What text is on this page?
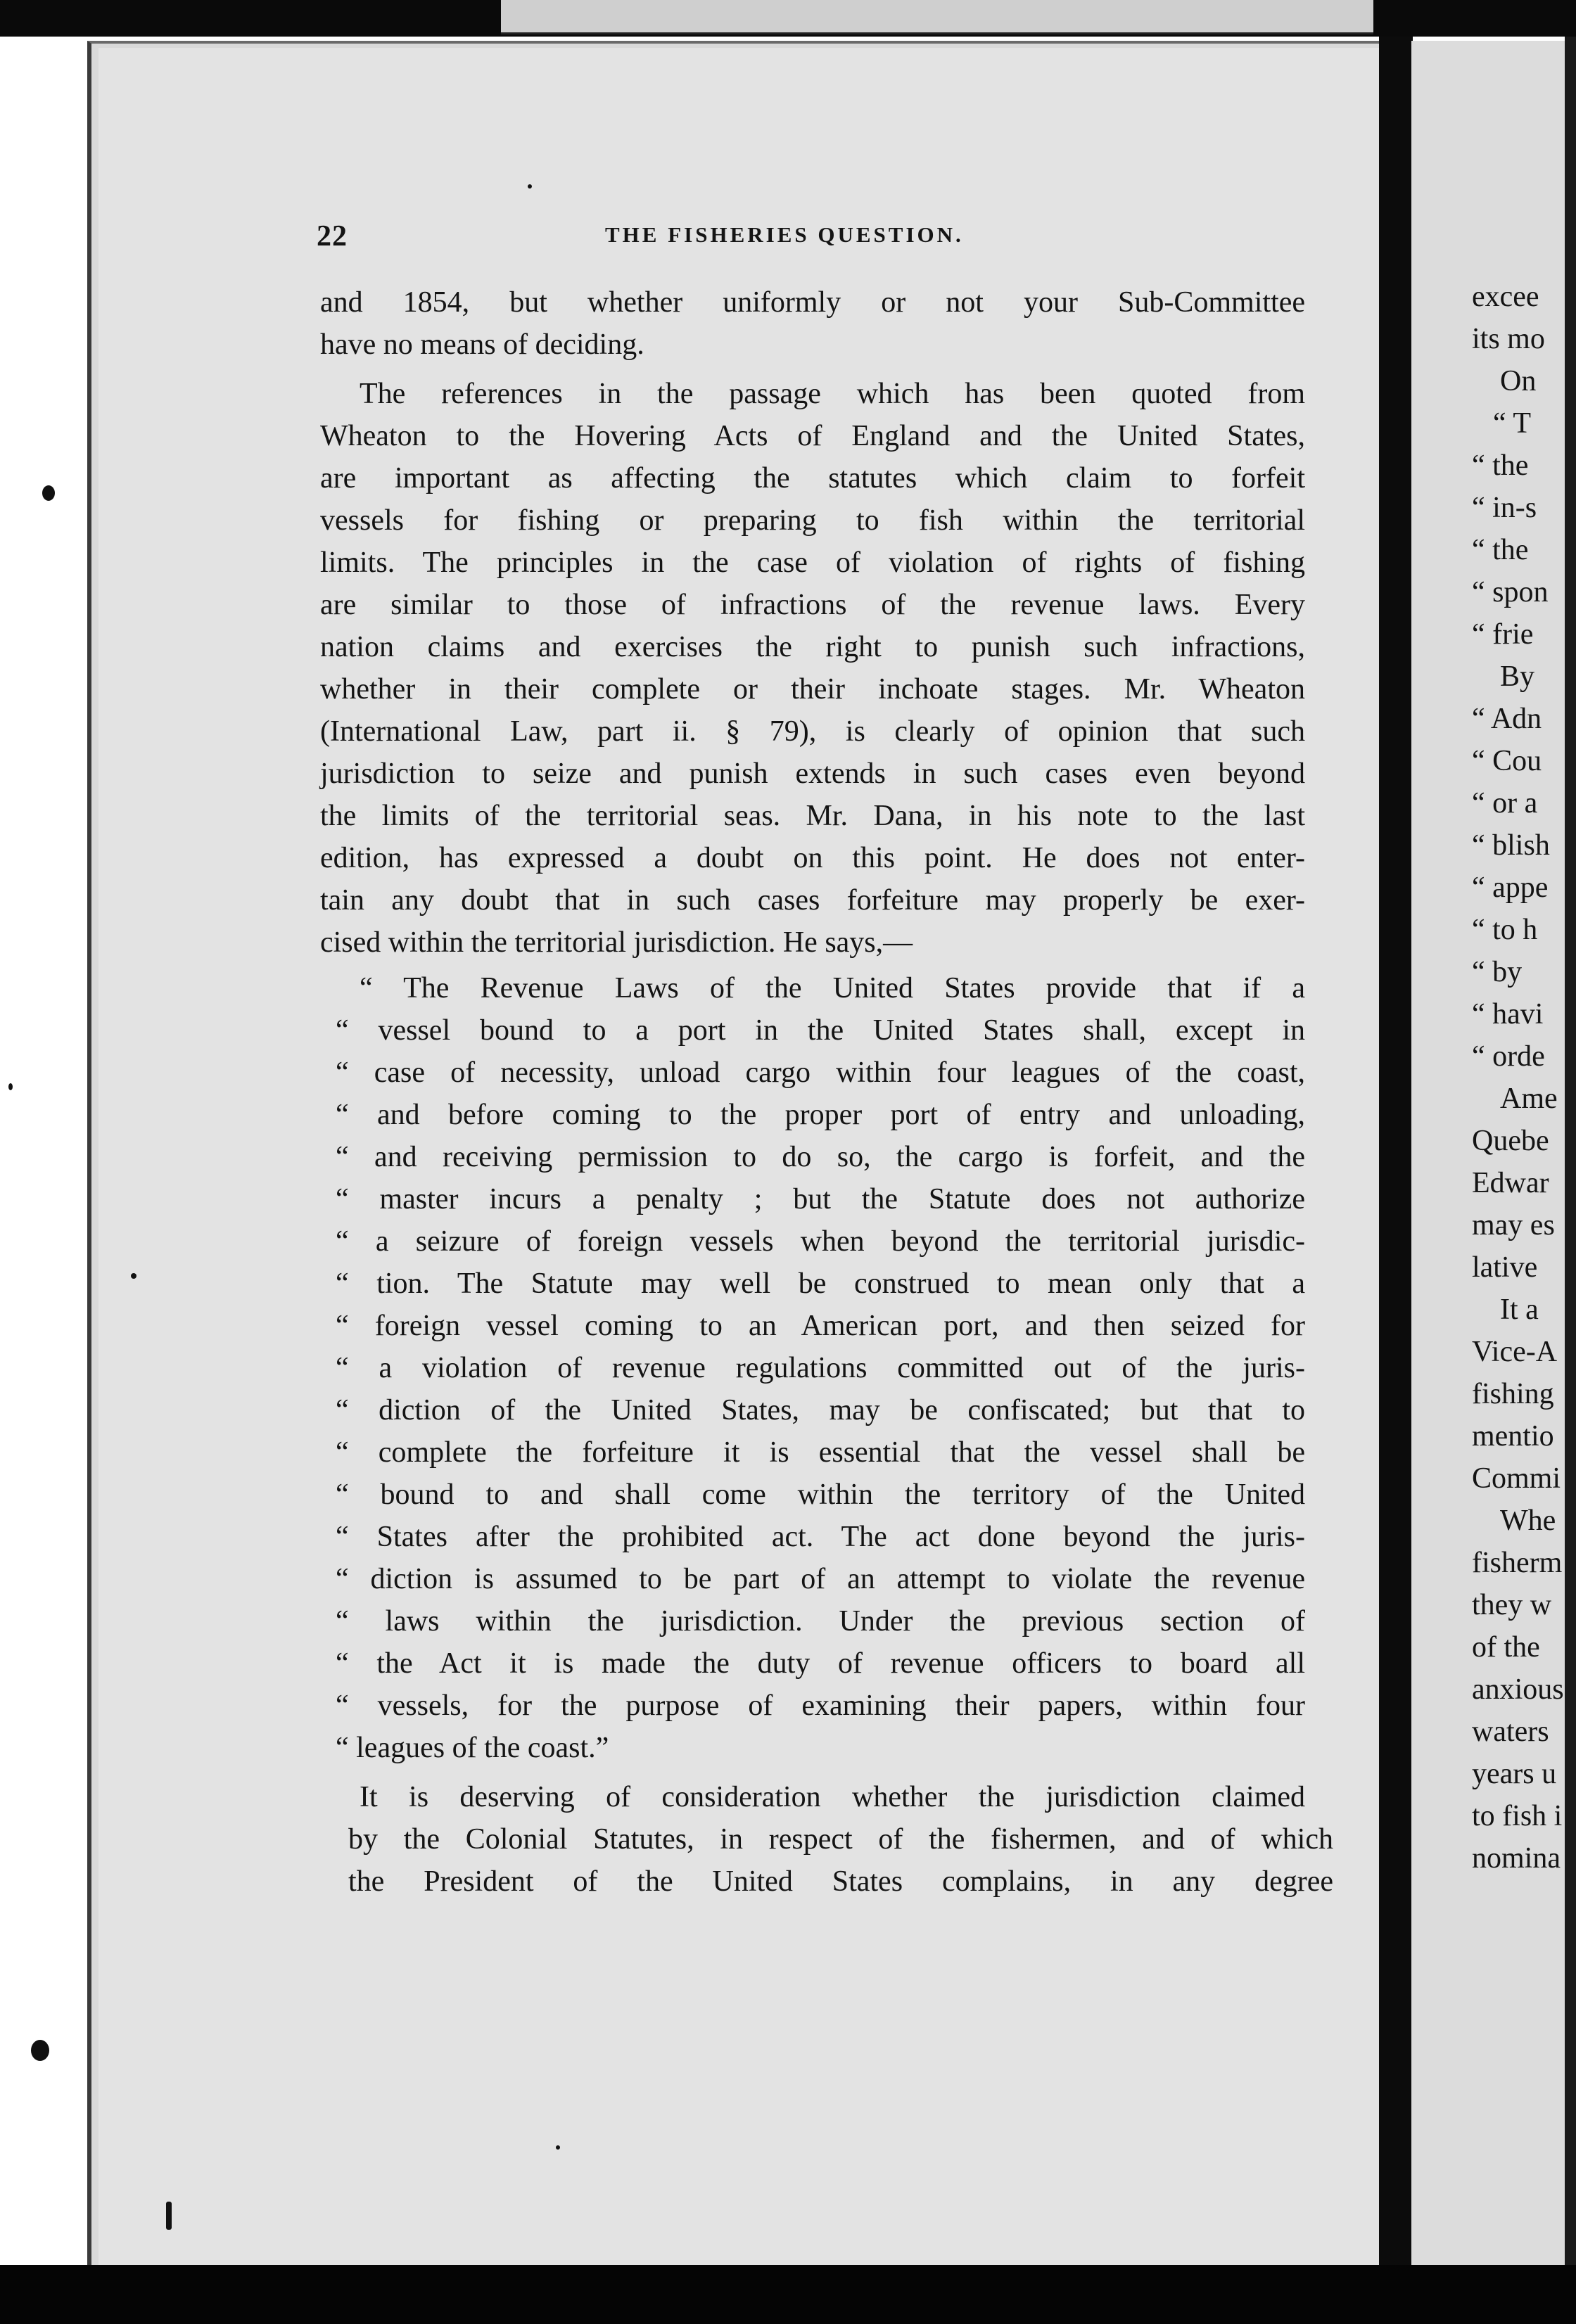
22	THE FISHERIES QUESTION.
and 1854, but whether uniformly or not your Sub-Committee
have no means of deciding.
The references in the passage which has been quoted from
Wheaton to the Hovering Acts of England and the United States,
are important as affecting the statutes which claim to forfeit
vessels for fishing or preparing to fish within the territorial
limits. The principles in the case of violation of rights of fishing
are similar to those of infractions of the revenue laws. Every
nation claims and exercises the right to punish such infractions,
whether in their complete or their inchoate stages. Mr. Wheaton
(International Law, part ii. § 79), is clearly of opinion that such
jurisdiction to seize and punish extends in such cases even beyond
the limits of the territorial seas. Mr. Dana, in his note to the last
edition, has expressed a doubt on this point. He does not enter-
tain any doubt that in such cases forfeiture may properly be exer-
cised within the territorial jurisdiction. He says,—
“ The Revenue Laws of the United States provide that if a
“ vessel bound to a port in the United States shall, except in
“ case of necessity, unload cargo within four leagues of the coast,
“ and before coming to the proper port of entry and unloading,
“ and receiving permission to do so, the cargo is forfeit, and the
“ master incurs a penalty ; but the Statute does not authorize
“ a seizure of foreign vessels when beyond the territorial jurisdic-
“ tion. The Statute may well be construed to mean only that a
“ foreign vessel coming to an American port, and then seized for
“ a violation of revenue regulations committed out of the juris-
“ diction of the United States, may be confiscated; but that to
“ complete the forfeiture it is essential that the vessel shall be
“ bound to and shall come within the territory of the United
“ States after the prohibited act. The act done beyond the juris-
“ diction is assumed to be part of an attempt to violate the revenue
“ laws within the jurisdiction. Under the previous section of
“ the Act it is made the duty of revenue officers to board all
“ vessels, for the purpose of examining their papers, within four
“ leagues of the coast.”
It is deserving of consideration whether the jurisdiction claimed
by the Colonial Statutes, in respect of the fishermen, and of which
the President of the United States complains, in any degree
excee
its mo
On
“ T
“ the
“ in-s
“ the
“ spon
“ frie
By
“ Adn
“ Cou
“ or a
“ blish
“ appe
“ to h
“ by
“ havi
“ orde
Ame
Quebe
Edwar
may es
lative
It a
Vice-A
fishing
mentio
Commi
Whe
fisherm
they w
of the
anxious
waters
years u
to fish i
nomina
